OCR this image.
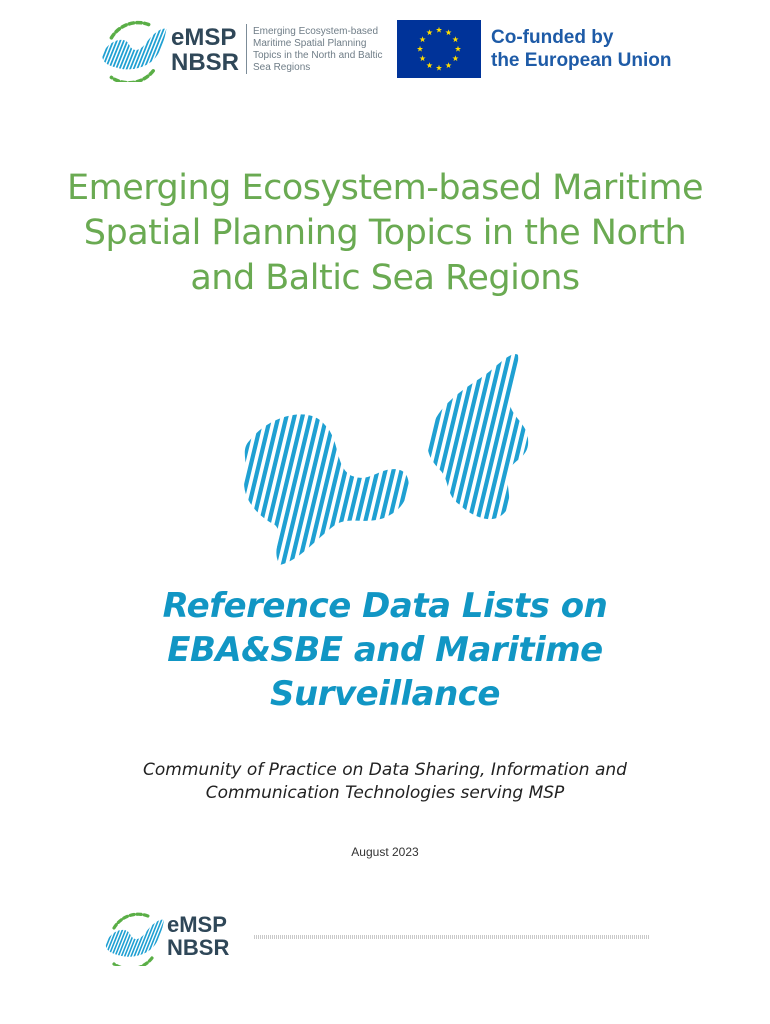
eMSP
NBSR
Emerging Ecosystem-based Maritime Spatial Planning Topics in the North and Baltic Sea Regions
Co-funded by
the European Union
Emerging Ecosystem-based Maritime Spatial Planning Topics in the North and Baltic Sea Regions
Reference Data Lists on EBA&SBE and Maritime Surveillance
Community of Practice on Data Sharing, Information and Communication Technologies serving MSP
August 2023
eMSP
NBSR
